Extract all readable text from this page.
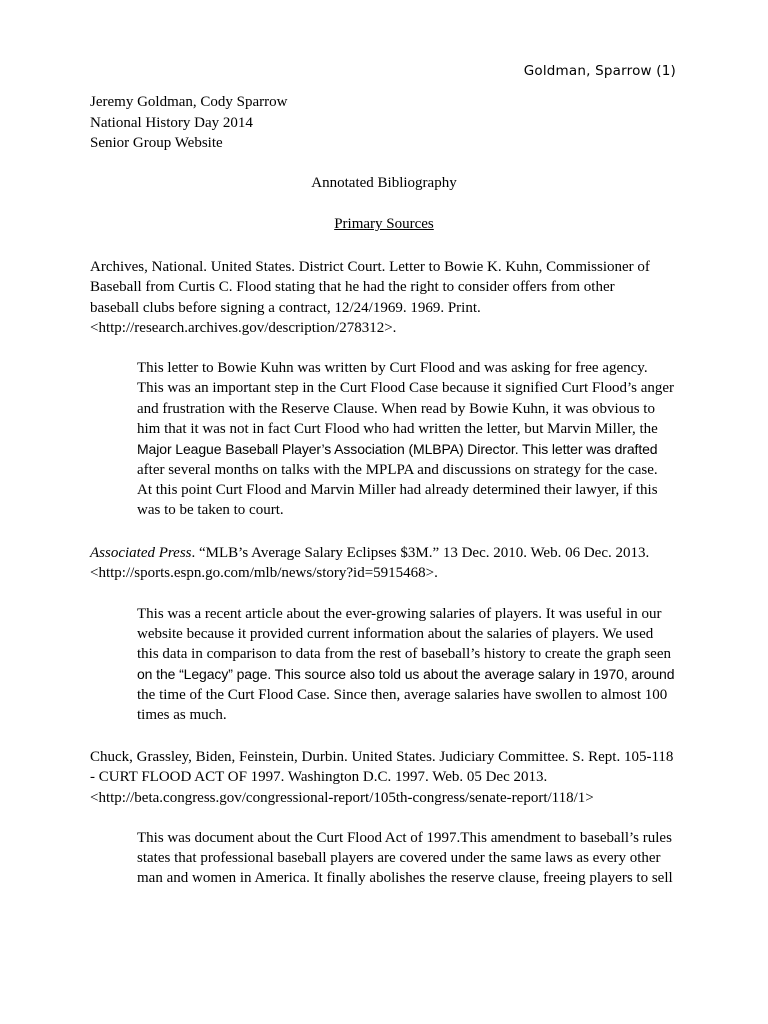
Goldman, Sparrow (1)
Jeremy Goldman, Cody Sparrow
National History Day 2014
Senior Group Website
Annotated Bibliography
Primary Sources
Archives, National. United States. District Court. Letter to Bowie K. Kuhn, Commissioner of
Baseball from Curtis C. Flood stating that he had the right to consider offers from other
baseball clubs before signing a contract, 12/24/1969. 1969. Print.
<http://research.archives.gov/description/278312>.
This letter to Bowie Kuhn was written by Curt Flood and was asking for free agency.
This was an important step in the Curt Flood Case because it signified Curt Flood’s anger
and frustration with the Reserve Clause. When read by Bowie Kuhn, it was obvious to
him that it was not in fact Curt Flood who had written the letter, but Marvin Miller, the
Major League Baseball Player’s Association (MLBPA) Director. This letter was drafted
after several months on talks with the MPLPA and discussions on strategy for the case.
At this point Curt Flood and Marvin Miller had already determined their lawyer, if this
was to be taken to court.
Associated Press. “MLB’s Average Salary Eclipses $3M.” 13 Dec. 2010. Web. 06 Dec. 2013.
<http://sports.espn.go.com/mlb/news/story?id=5915468>.
This was a recent article about the ever-growing salaries of players. It was useful in our
website because it provided current information about the salaries of players. We used
this data in comparison to data from the rest of baseball’s history to create the graph seen
on the “Legacy” page. This source also told us about the average salary in 1970, around
the time of the Curt Flood Case. Since then, average salaries have swollen to almost 100
times as much.
Chuck, Grassley, Biden, Feinstein, Durbin. United States. Judiciary Committee. S. Rept. 105-118
- CURT FLOOD ACT OF 1997. Washington D.C. 1997. Web. 05 Dec 2013.
<http://beta.congress.gov/congressional-report/105th-congress/senate-report/118/1>
This was document about the Curt Flood Act of 1997.This amendment to baseball’s rules
states that professional baseball players are covered under the same laws as every other
man and women in America. It finally abolishes the reserve clause, freeing players to sell
